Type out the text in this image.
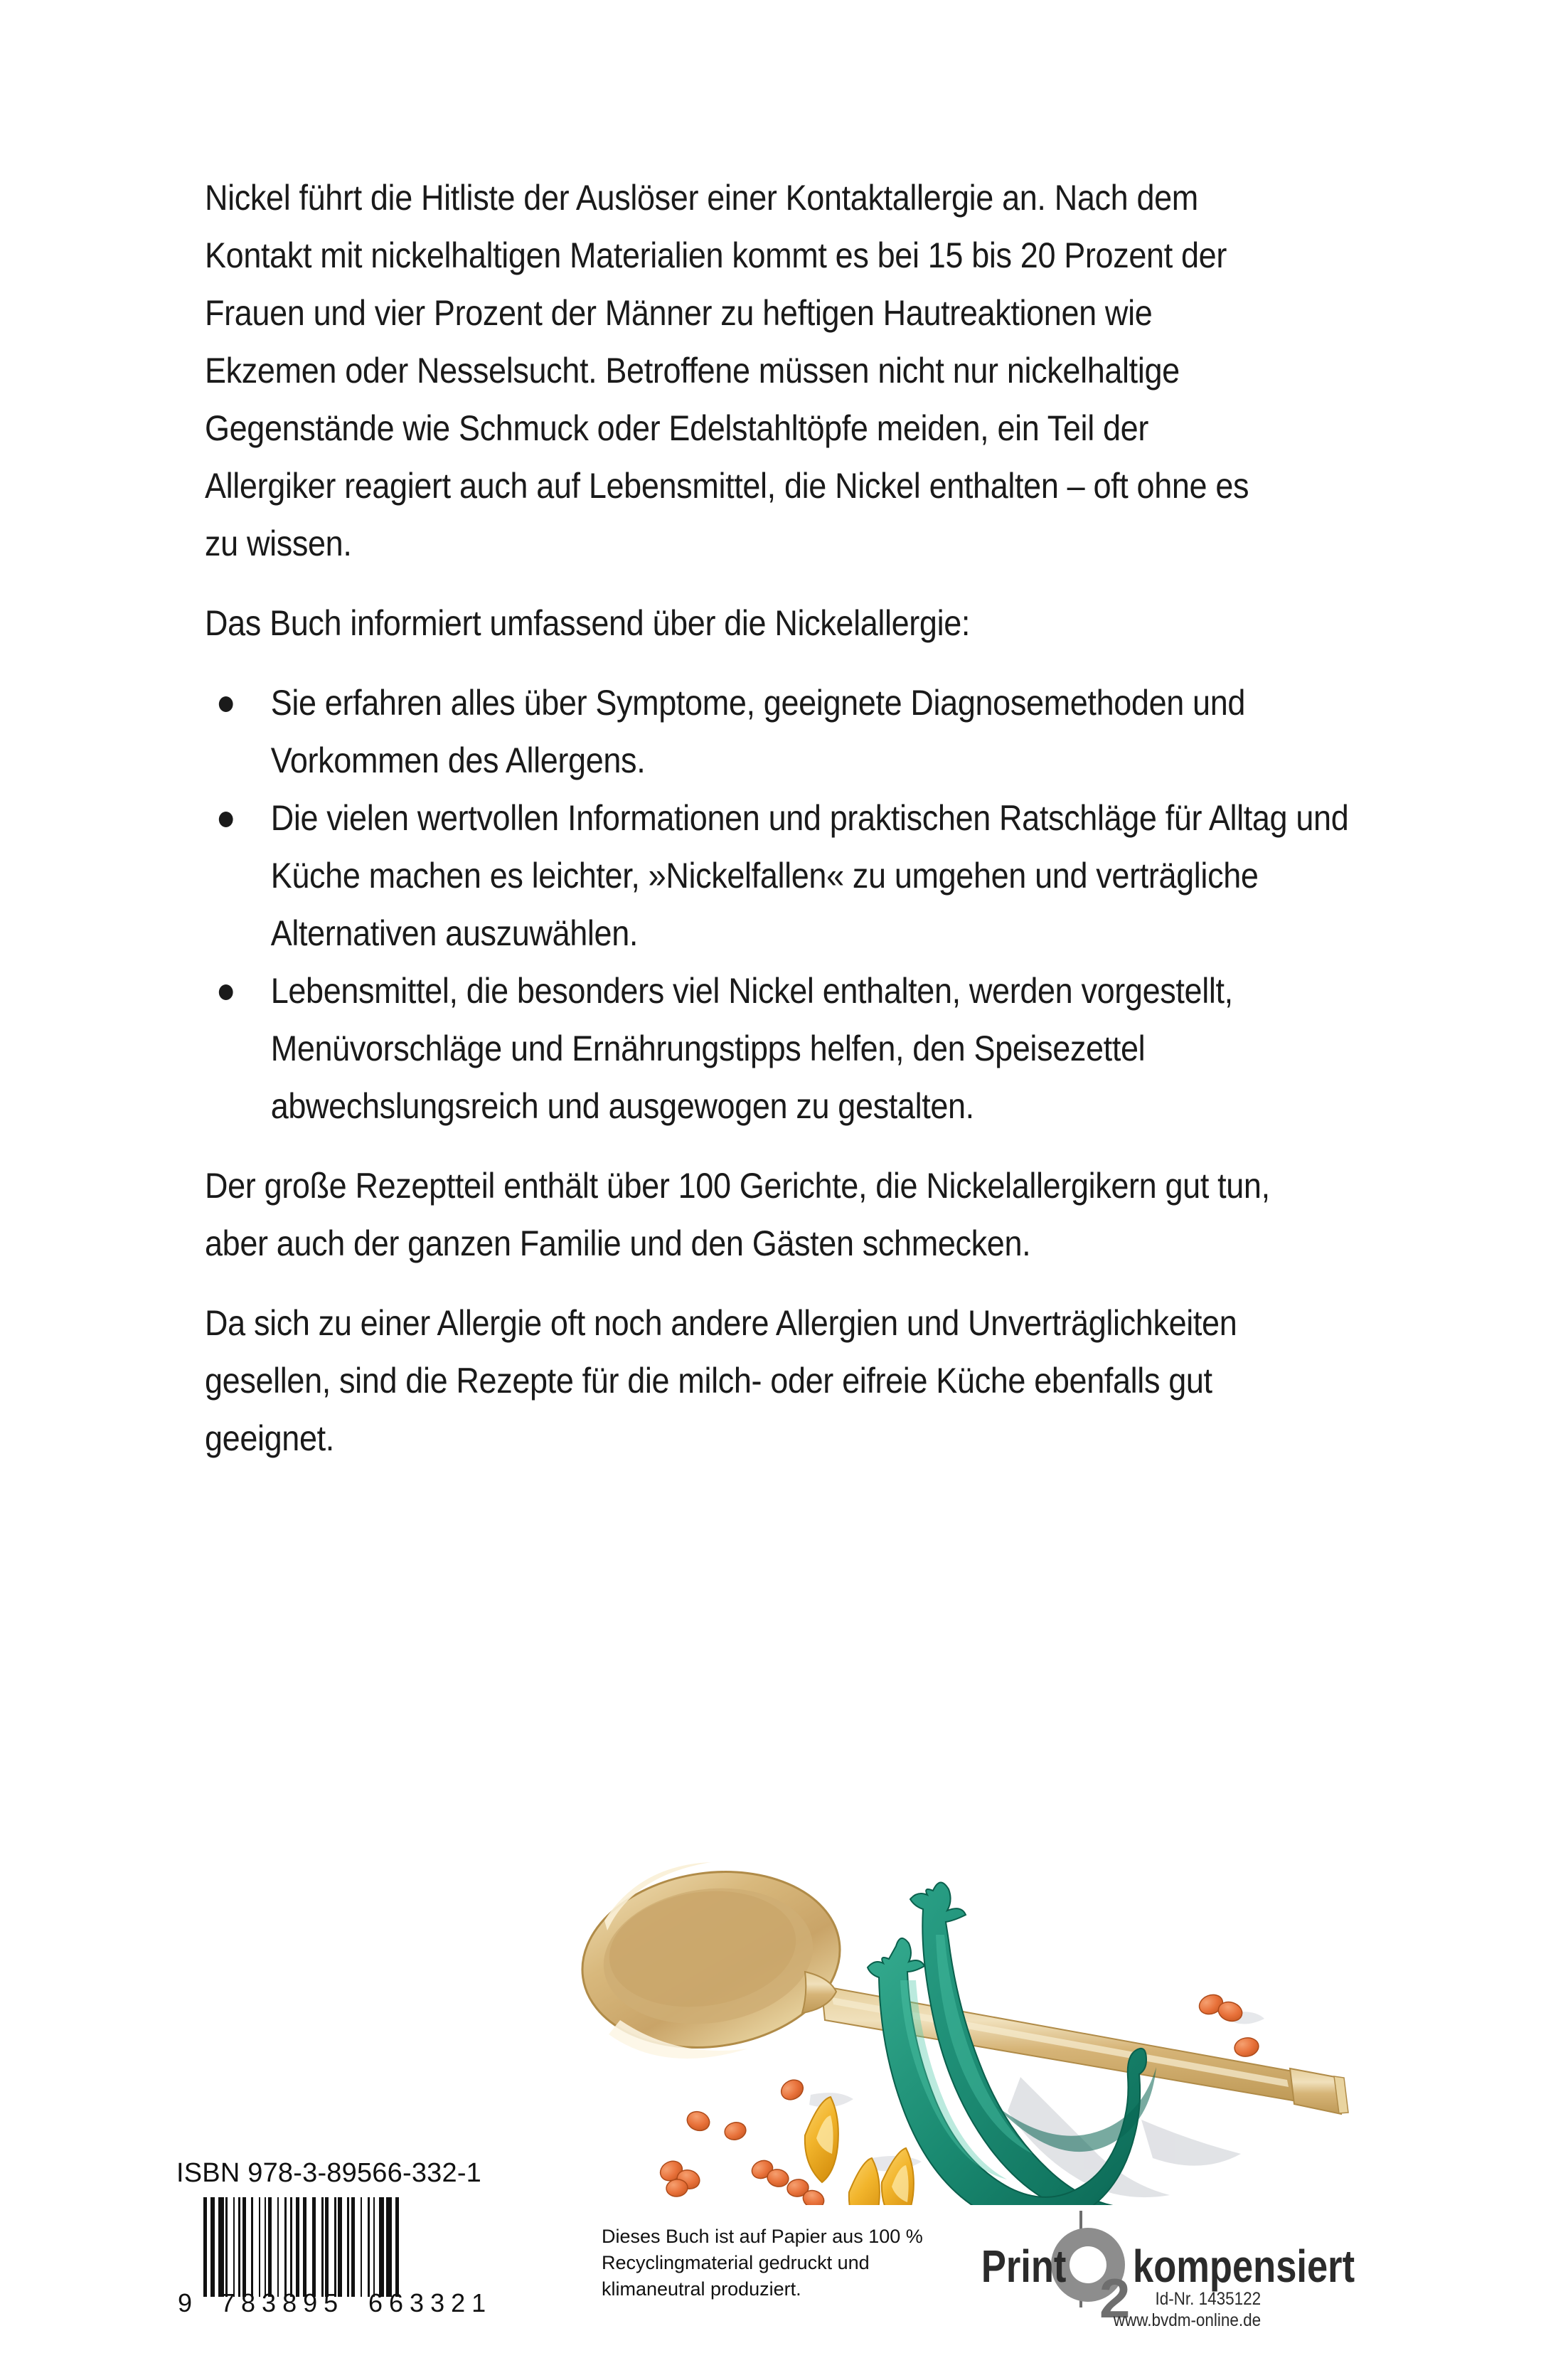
Nickel führt die Hitliste der Auslöser einer Kontaktallergie an. Nach dem Kontakt mit nickelhaltigen Materialien kommt es bei 15 bis 20 Prozent der Frauen und vier Prozent der Männer zu heftigen Hautreaktionen wie Ekzemen oder Nesselsucht. Betroffene müssen nicht nur nickelhaltige Gegenstände wie Schmuck oder Edelstahltöpfe meiden, ein Teil der Allergiker reagiert auch auf Lebensmittel, die Nickel enthalten – oft ohne es zu wissen.

Das Buch informiert umfassend über die Nickelallergie:

Sie erfahren alles über Symptome, geeignete Diagnosemethoden und Vorkommen des Allergens.
Die vielen wertvollen Informationen und praktischen Ratschläge für Alltag und Küche machen es leichter, »Nickelfallen« zu umgehen und verträgliche Alternativen auszuwählen.
Lebensmittel, die besonders viel Nickel enthalten, werden vorgestellt, Menüvorschläge und Ernährungstipps helfen, den Speisezettel abwechslungsreich und ausgewogen zu gestalten.

Der große Rezeptteil enthält über 100 Gerichte, die Nickelallergikern gut tun, aber auch der ganzen Familie und den Gästen schmecken.

Da sich zu einer Allergie oft noch andere Allergien und Unverträglichkeiten gesellen, sind die Rezepte für die milch- oder eifreie Küche ebenfalls gut geeignet.

ISBN 978-3-89566-332-1
9 783895 663321
Dieses Buch ist auf Papier aus 100 % Recyclingmaterial gedruckt und klimaneutral produziert.	2
Print kompensiert
Id-Nr. 1435122
www.bvdm-online.de
